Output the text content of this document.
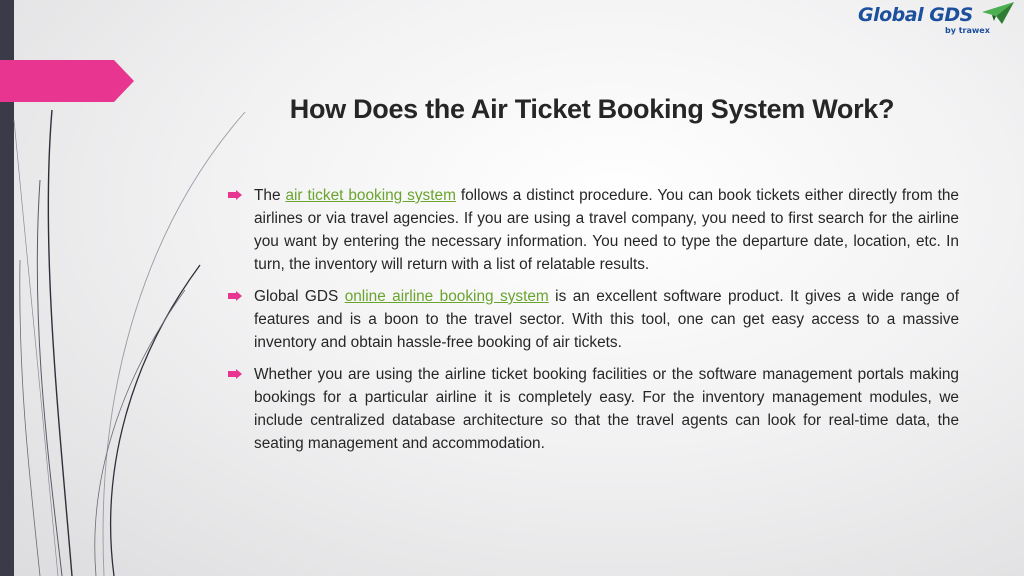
Global GDS
by trawex
How Does the Air Ticket Booking System Work?
The air ticket booking system follows a distinct procedure. You can book tickets either directly from the airlines or via travel agencies. If you are using a travel company, you need to first search for the airline you want by entering the necessary information. You need to type the departure date, location, etc. In turn, the inventory will return with a list of relatable results.
Global GDS online airline booking system is an excellent software product. It gives a wide range of features and is a boon to the travel sector. With this tool, one can get easy access to a massive inventory and obtain hassle-free booking of air tickets.
Whether you are using the airline ticket booking facilities or the software management portals making bookings for a particular airline it is completely easy. For the inventory management modules, we include centralized database architecture so that the travel agents can look for real-time data, the seating management and accommodation.
